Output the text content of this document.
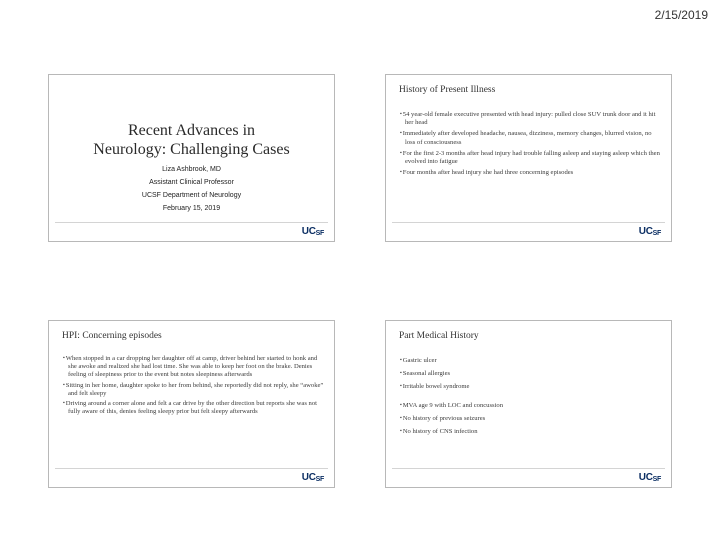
2/15/2019
Recent Advances in
Neurology: Challenging Cases
Liza Ashbrook, MD
Assistant Clinical Professor
UCSF Department of Neurology
February 15, 2019
UCSF
History of Present Illness
▪ 54 year-old female executive presented with head injury: pulled close SUV trunk door and it hit her head
▪ Immediately after developed headache, nausea, dizziness, memory changes, blurred vision, no loss of consciousness
▪ For the first 2-3 months after head injury had trouble falling asleep and staying asleep which then evolved into fatigue
▪ Four months after head injury she had three concerning episodes
UCSF
HPI: Concerning episodes
▪ When stopped in a car dropping her daughter off at camp, driver behind her started to honk and she awoke and realized she had lost time. She was able to keep her foot on the brake. Denies feeling of sleepiness prior to the event but notes sleepiness afterwards
▪ Sitting in her home, daughter spoke to her from behind, she reportedly did not reply, she “awoke” and felt sleepy
▪ Driving around a corner alone and felt a car drive by the other direction but reports she was not fully aware of this, denies feeling sleepy prior but felt sleepy afterwards
UCSF
Part Medical History
▪ Gastric ulcer
▪ Seasonal allergies
▪ Irritable bowel syndrome
▪ MVA age 9 with LOC and concussion
▪ No history of previous seizures
▪ No history of CNS infection
UCSF
